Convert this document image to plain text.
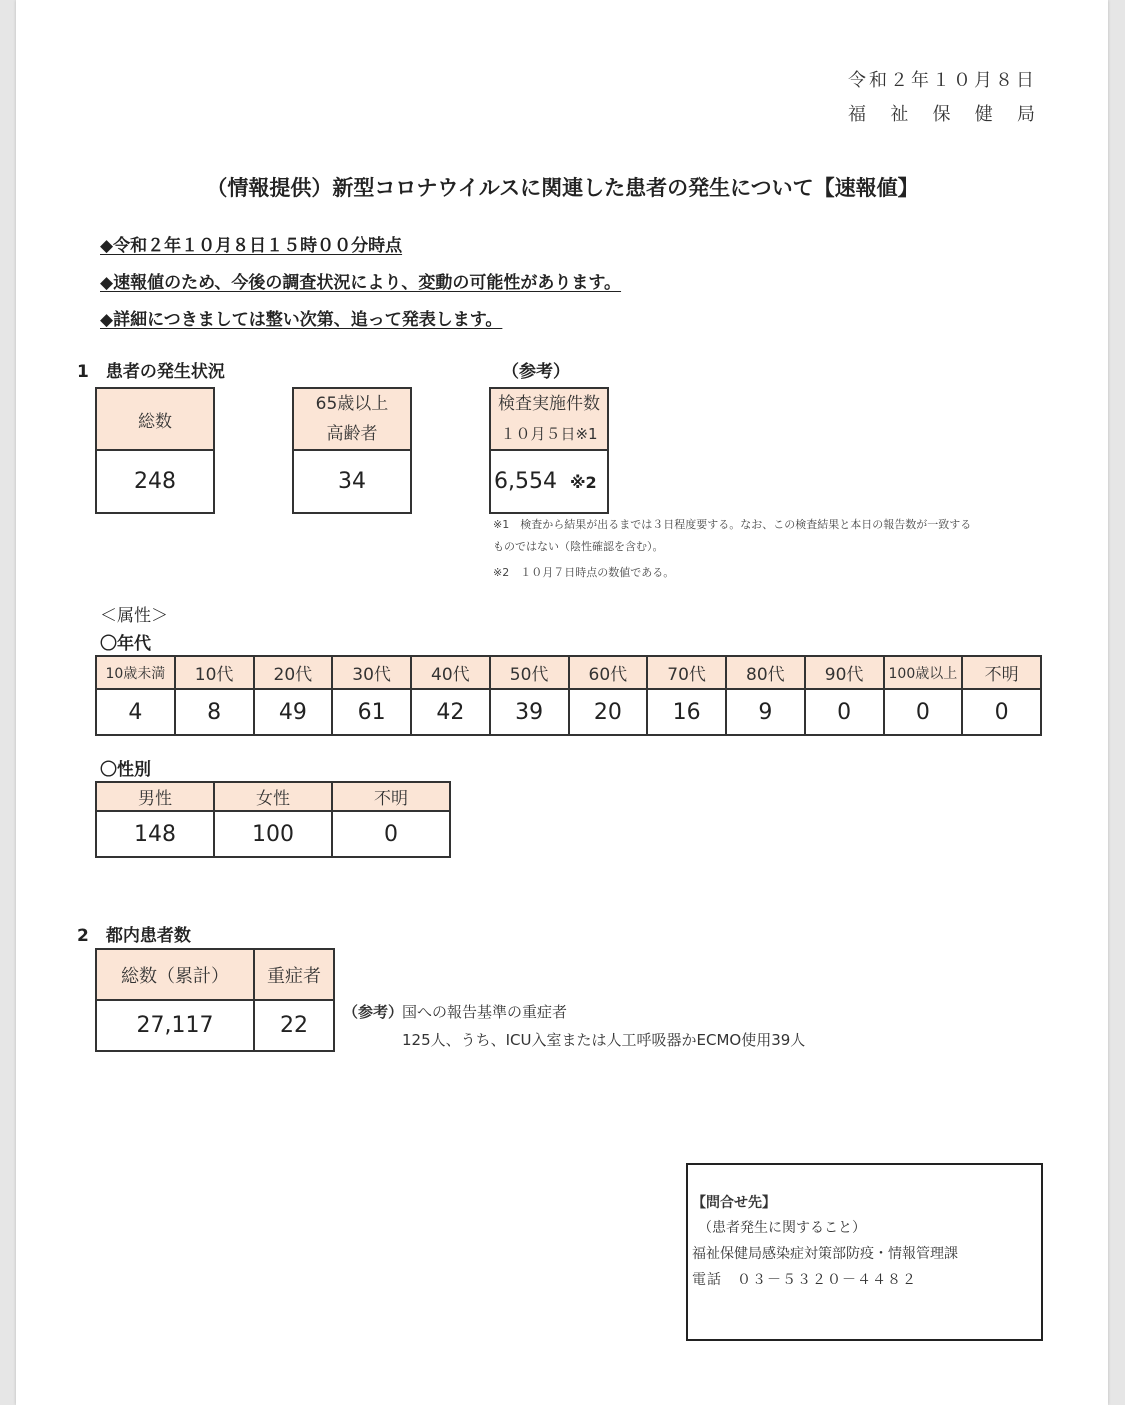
令和２年１０月８日
福祉保健局
（情報提供）新型コロナウイルスに関連した患者の発生について【速報値】
◆令和２年１０月８日１５時００分時点
◆速報値のため、今後の調査状況により、変動の可能性があります。
◆詳細につきましては整い次第、追って発表します。
1　患者の発生状況	（参考）
総数
248
65歳以上
高齢者

34
検査実施件数
１０月５日※1

6,554 ※2
※1　検査から結果が出るまでは３日程度要する。なお、この検査結果と本日の報告数が一致する
ものではない（陰性確認を含む）。
※2　１０月７日時点の数値である。
＜属性＞
〇年代
10歳未満	10代	20代	30代	40代	50代	60代	70代	80代	90代	100歳以上	不明
4	8	49	61	42	39	20	16	9	0	0	0
〇性別
男性	女性	不明
148	100	0
2　都内患者数
総数（累計）	重症者
27,117	22
（参考）
国への報告基準の重症者
125人、うち、ICU入室または人工呼吸器かECMO使用39人
【問合せ先】
（患者発生に関すること）
福祉保健局感染症対策部防疫・情報管理課
電話　０３－５３２０－４４８２
